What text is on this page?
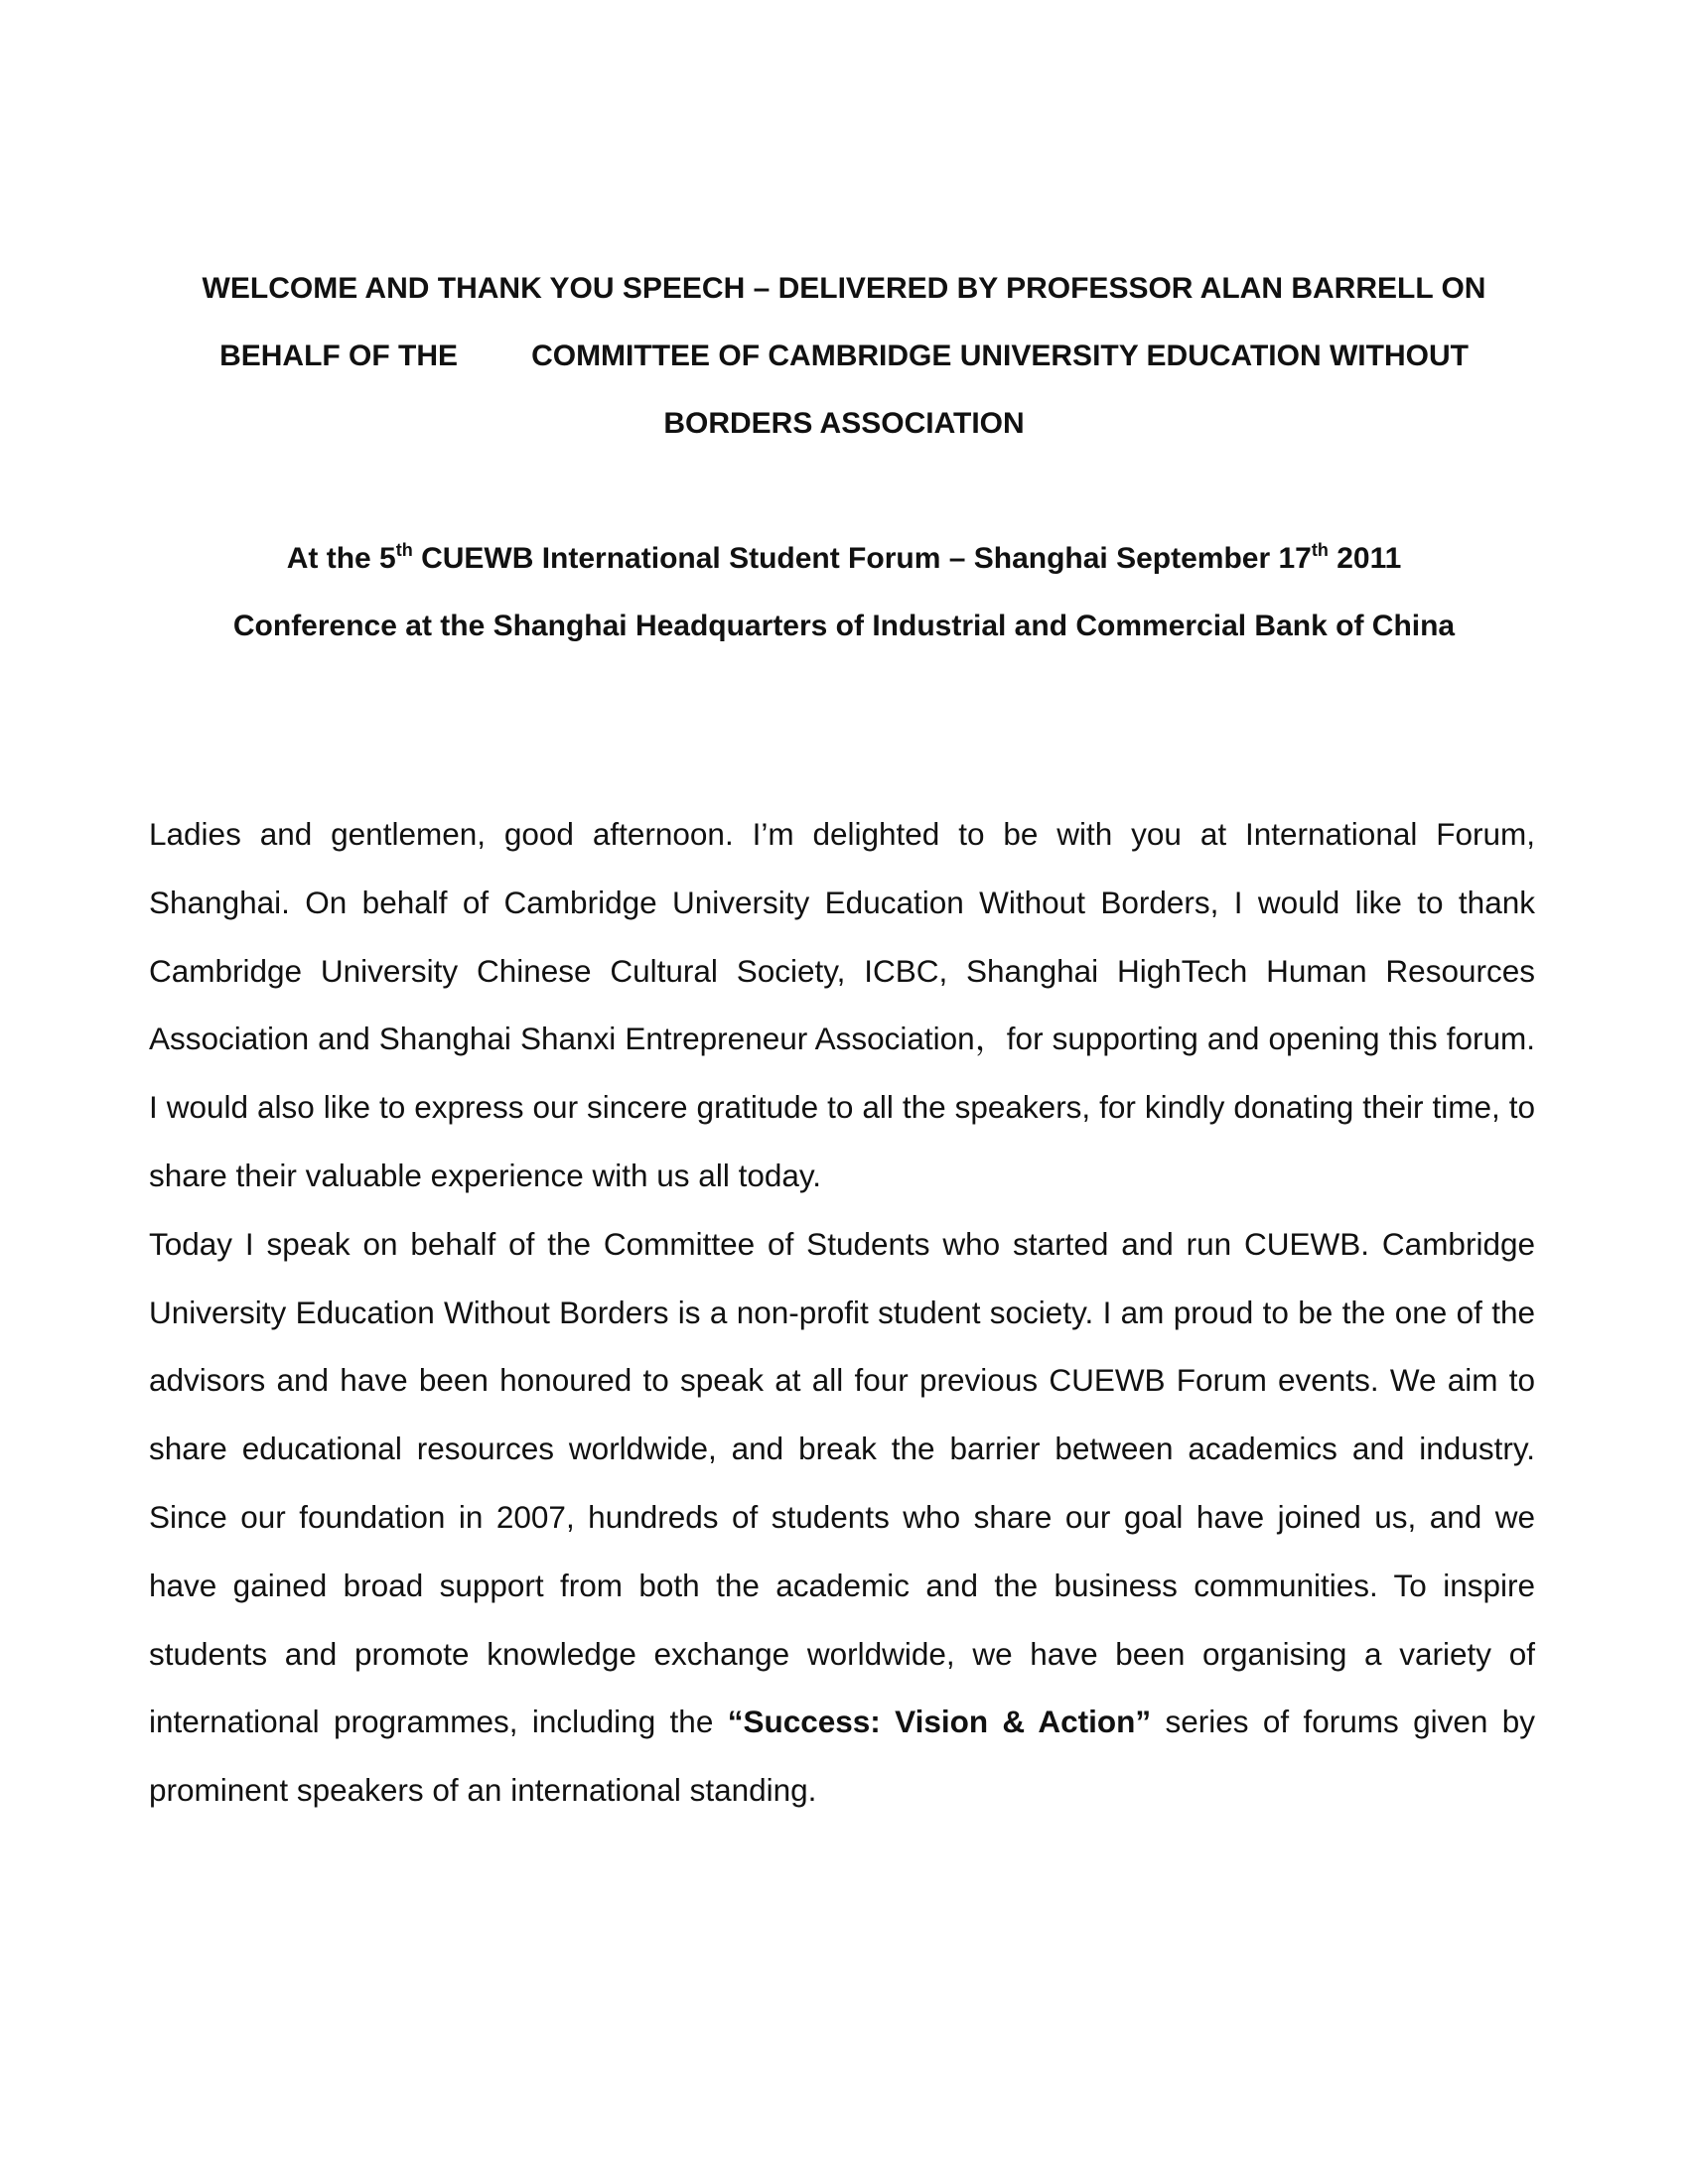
WELCOME AND THANK YOU SPEECH – DELIVERED BY PROFESSOR ALAN BARRELL ON
BEHALF OF THE COMMITTEE OF CAMBRIDGE UNIVERSITY EDUCATION WITHOUT
BORDERS ASSOCIATION
At the 5th CUEWB International Student Forum – Shanghai September 17th 2011
Conference at the Shanghai Headquarters of Industrial and Commercial Bank of China

Ladies and gentlemen, good afternoon. I’m delighted to be with you at International Forum, Shanghai. On behalf of Cambridge University Education Without Borders, I would like to thank Cambridge University Chinese Cultural Society, ICBC, Shanghai HighTech Human Resources Association and Shanghai Shanxi Entrepreneur Association，for supporting and opening this forum. I would also like to express our sincere gratitude to all the speakers, for kindly donating their time, to share their valuable experience with us all today.

Today I speak on behalf of the Committee of Students who started and run CUEWB. Cambridge University Education Without Borders is a non-profit student society. I am proud to be the one of the advisors and have been honoured to speak at all four previous CUEWB Forum events. We aim to share educational resources worldwide, and break the barrier between academics and industry. Since our foundation in 2007, hundreds of students who share our goal have joined us, and we have gained broad support from both the academic and the business communities. To inspire students and promote knowledge exchange worldwide, we have been organising a variety of international programmes, including the “Success: Vision & Action” series of forums given by prominent speakers of an international standing.
